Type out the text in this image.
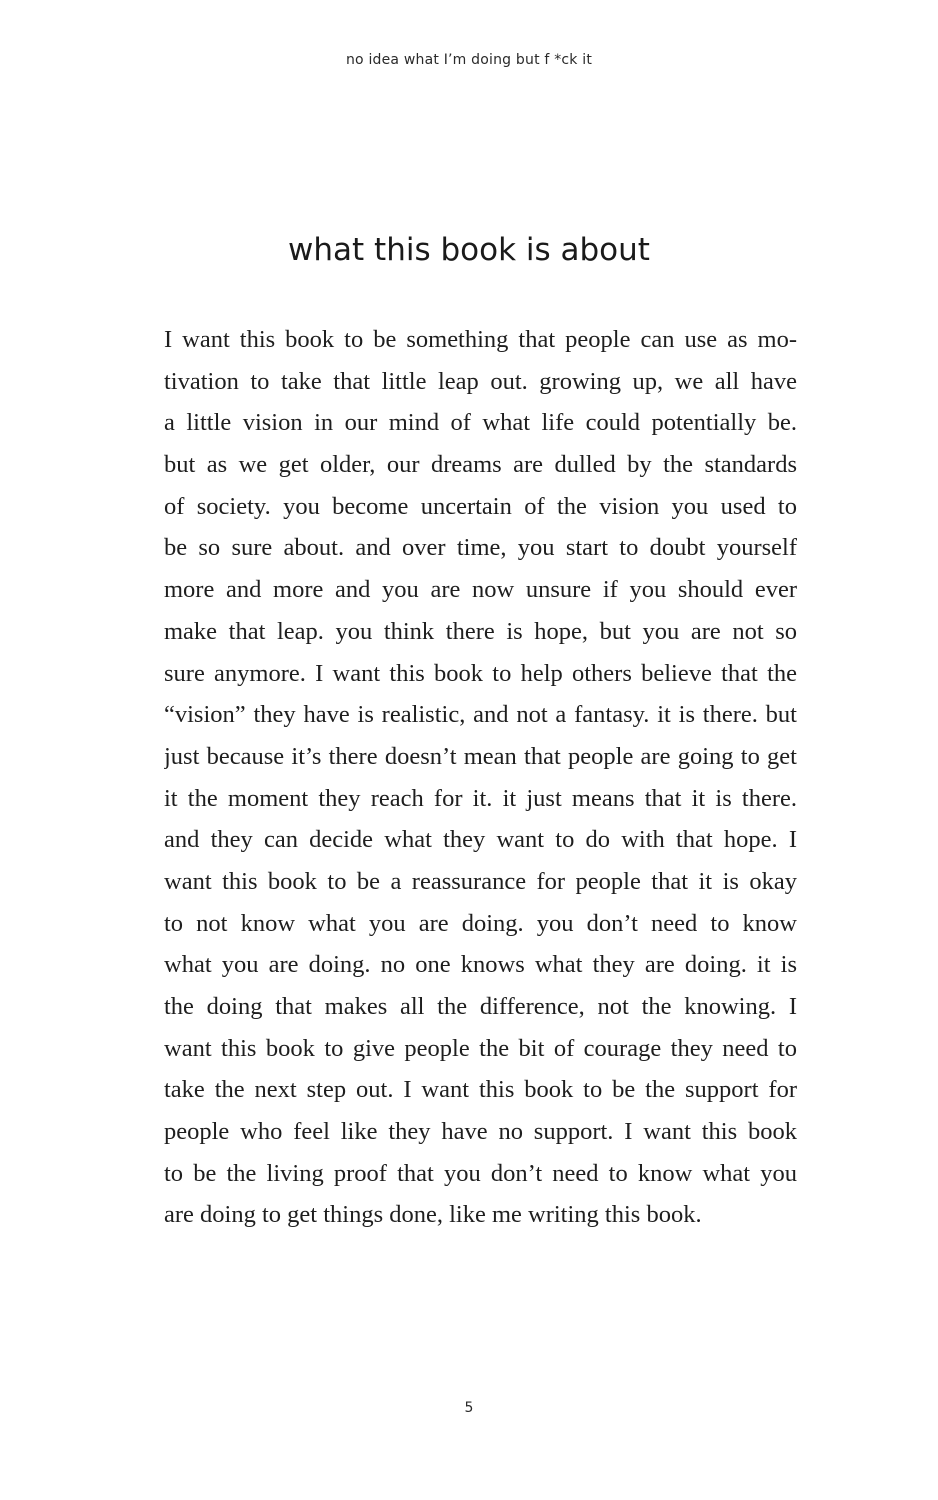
no idea what I’m doing but f *ck it
what this book is about
I want this book to be something that people can use as mo-
tivation to take that little leap out. growing up, we all have
a little vision in our mind of what life could potentially be.
but as we get older, our dreams are dulled by the standards
of society. you become uncertain of the vision you used to
be so sure about. and over time, you start to doubt yourself
more and more and you are now unsure if you should ever
make that leap. you think there is hope, but you are not so
sure anymore. I want this book to help others believe that the
“vision” they have is realistic, and not a fantasy. it is there. but
just because it’s there doesn’t mean that people are going to get
it the moment they reach for it. it just means that it is there.
and they can decide what they want to do with that hope. I
want this book to be a reassurance for people that it is okay
to not know what you are doing. you don’t need to know
what you are doing. no one knows what they are doing. it is
the doing that makes all the difference, not the knowing. I
want this book to give people the bit of courage they need to
take the next step out. I want this book to be the support for
people who feel like they have no support. I want this book
to be the living proof that you don’t need to know what you
are doing to get things done, like me writing this book.
5
